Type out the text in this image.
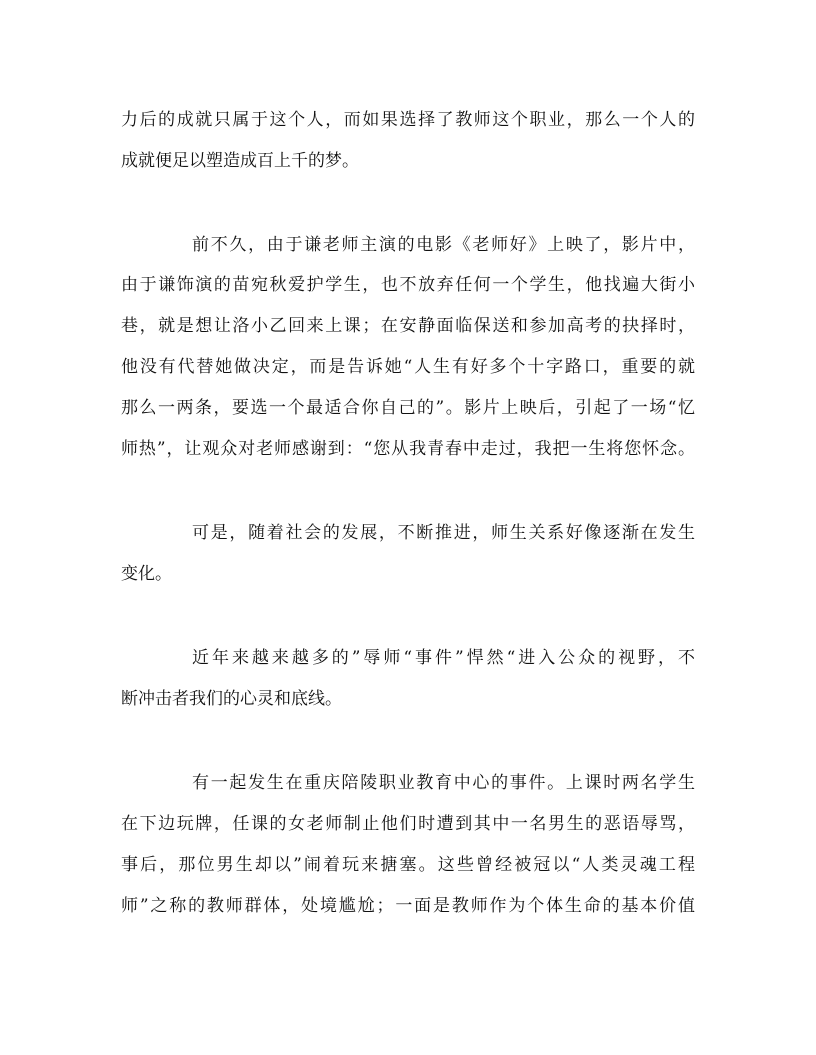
力后的成就只属于这个人，而如果选择了教师这个职业，那么一个人的

成就便足以塑造成百上千的梦。

前不久，由于谦老师主演的电影《老师好》上映了，影片中，

由于谦饰演的苗宛秋爱护学生，也不放弃任何一个学生，他找遍大街小

巷，就是想让洛小乙回来上课；在安静面临保送和参加高考的抉择时，

他没有代替她做决定，而是告诉她“人生有好多个十字路口，重要的就

那么一两条，要选一个最适合你自己的”。影片上映后，引起了一场“忆

师热”，让观众对老师感谢到：“您从我青春中走过，我把一生将您怀念。

可是，随着社会的发展，不断推进，师生关系好像逐渐在发生

变化。

近年来越来越多的”辱师“事件”悍然“进入公众的视野，不

断冲击者我们的心灵和底线。

有一起发生在重庆陪陵职业教育中心的事件。上课时两名学生

在下边玩牌，任课的女老师制止他们时遭到其中一名男生的恶语辱骂，

事后，那位男生却以”闹着玩来搪塞。这些曾经被冠以“人类灵魂工程

师”之称的教师群体，处境尴尬；一面是教师作为个体生命的基本价值
